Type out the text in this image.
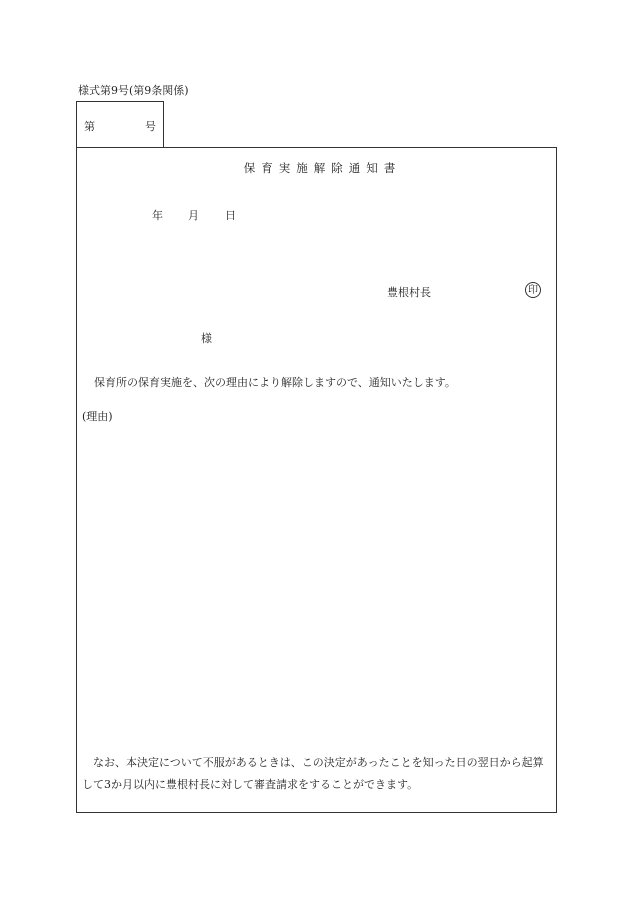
様式第9号(第9条関係)
第	号
保育実施解除通知書
年 月 日
豊根村長	印
様
保育所の保育実施を、次の理由により解除しますので、通知いたします。
(理由)
なお、本決定について不服があるときは、この決定があったことを知った日の翌日から起算して3か月以内に豊根村長に対して審査請求をすることができます。
